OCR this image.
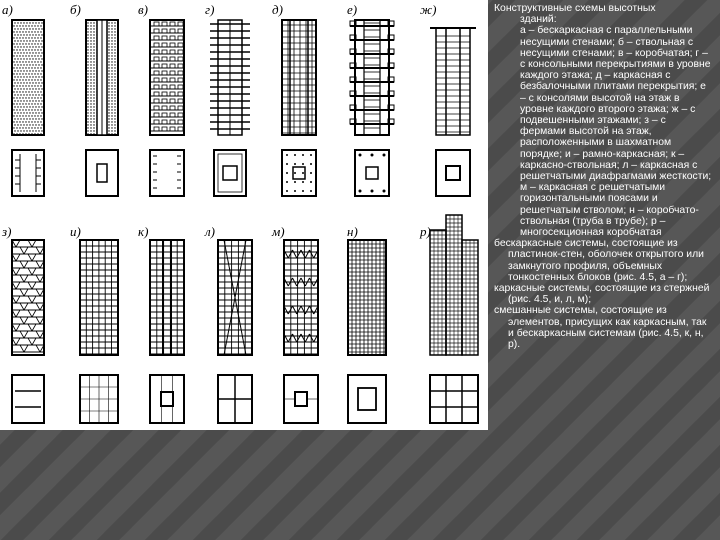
а)	б)	в)	г)	д)	е)	ж)
з)	и)	к)	л)	м)	н)	р)

Конструктивные схемы высотных

зданий:

а – бескаркасная с параллельными несущими стенами; б – ствольная с несущими стенами; в – коробчатая; г – с консольными перекрытиями в уровне каждого этажа; д – каркасная с безбалочными плитами перекрытия; е – с консолями высотой на этаж в уровне каждого второго этажа; ж – с подвешенными этажами; з – с фермами высотой на этаж, расположенными в шахматном порядке; и – рамно-каркасная; к – каркасно-ствольная; л – каркасная с решетчатыми диафрагмами жесткости; м – каркасная с решетчатыми горизонтальными поясами и решетчатым стволом; н – коробчато-ствольная (труба в трубе); р – многосекционная коробчатая

бескаркасные системы, состоящие из пластинок-стен, оболочек открытого или замкнутого профиля, объемных тонкостенных блоков (рис. 4.5, а – г);

каркасные системы, состоящие из стержней (рис. 4.5, и, л, м);

смешанные системы, состоящие из элементов, присущих как каркасным, так и бескаркасным системам (рис. 4.5, к, н, р).
